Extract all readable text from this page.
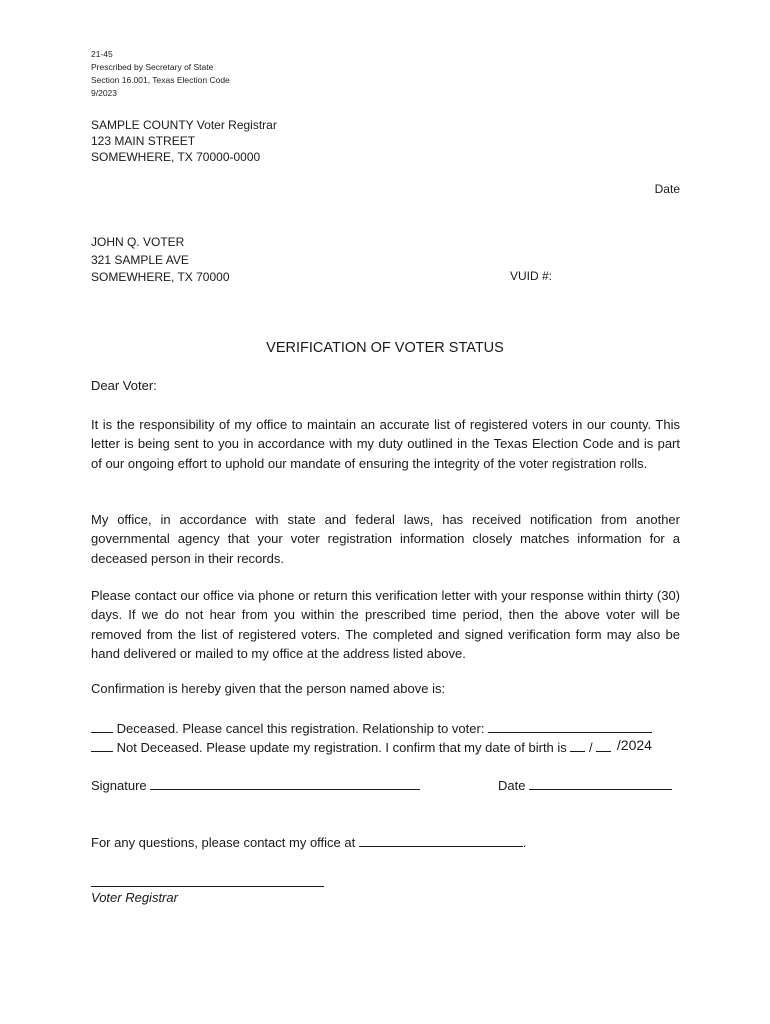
21-45
Prescribed by Secretary of State
Section 16.001, Texas Election Code
9/2023
SAMPLE COUNTY Voter Registrar
123 MAIN STREET
SOMEWHERE, TX 70000-0000
Date
JOHN Q. VOTER
321 SAMPLE AVE
SOMEWHERE, TX 70000	VUID #:
VERIFICATION OF VOTER STATUS
Dear Voter:

It is the responsibility of my office to maintain an accurate list of registered voters in our county. This letter is being sent to you in accordance with my duty outlined in the Texas Election Code and is part of our ongoing effort to uphold our mandate of ensuring the integrity of the voter registration rolls.

My office, in accordance with state and federal laws, has received notification from another governmental agency that your voter registration information closely matches information for a deceased person in their records.

Please contact our office via phone or return this verification letter with your response within thirty (30) days. If we do not hear from you within the prescribed time period, then the above voter will be removed from the list of registered voters. The completed and signed verification form may also be hand delivered or mailed to my office at the address listed above.

Confirmation is hereby given that the person named above is:
Deceased. Please cancel this registration. Relationship to voter:
Not Deceased. Please update my registration. I confirm that my date of birth is / /2024
Signature	Date
For any questions, please contact my office at	.
Voter Registrar
